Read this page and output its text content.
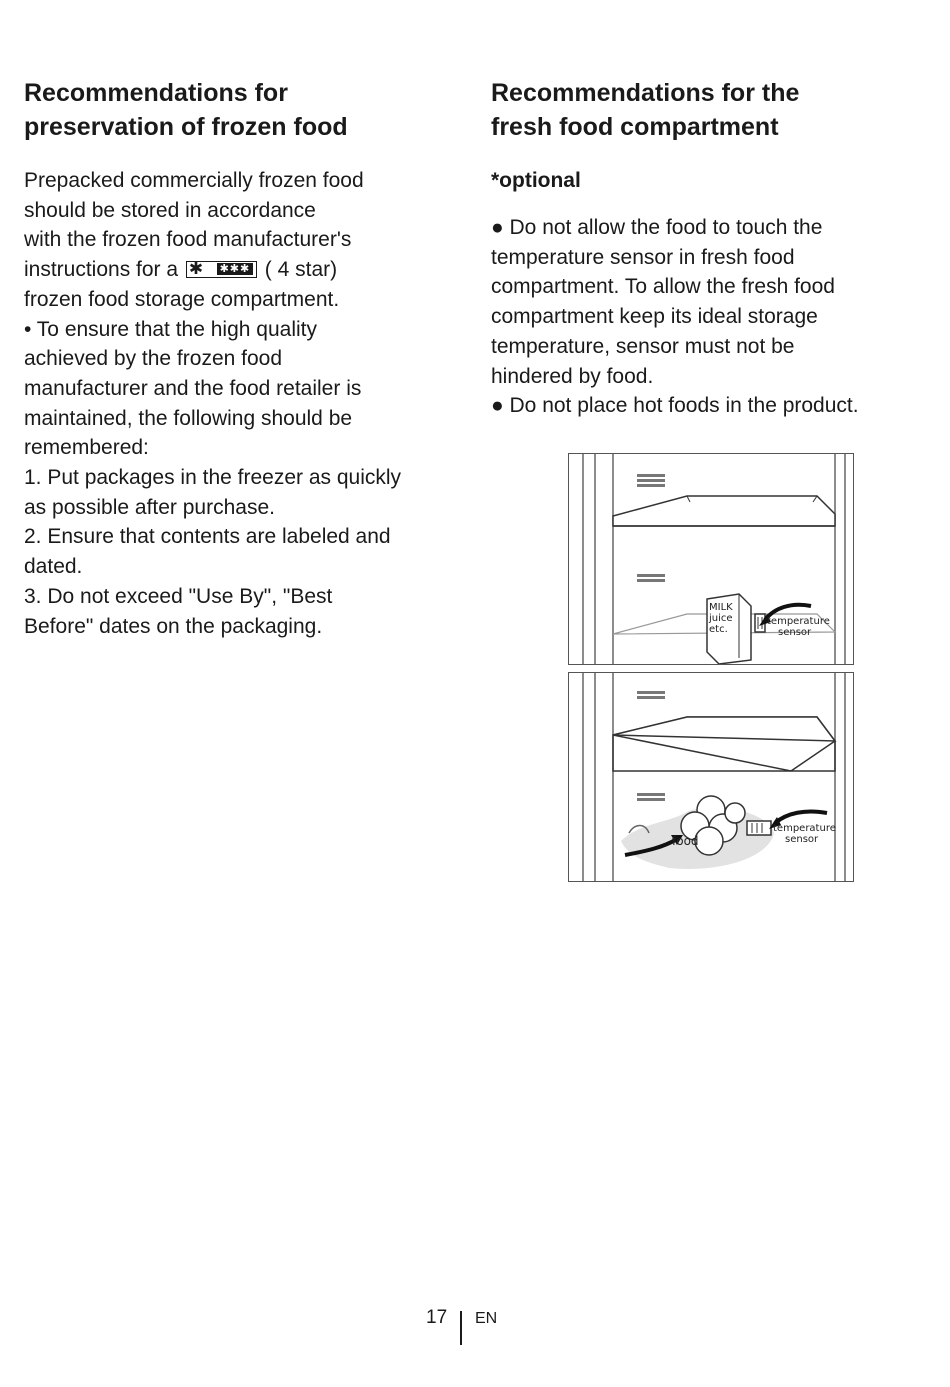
Recommendations for
preservation of frozen food
Prepacked commercially frozen food
should be stored in accordance
with the frozen food manufacturer's
instructions for a ✱ ✱✱✱ ( 4 star)
frozen food storage compartment.
• To ensure that the high quality
achieved by the frozen food
manufacturer and the food retailer is
maintained, the following should be
remembered:
1. Put packages in the freezer as quickly
as possible after purchase.
2. Ensure that contents are labeled and
dated.
3. Do not exceed "Use By", "Best
Before" dates on the packaging.
Recommendations for the
fresh food compartment
*optional
● Do not allow the food to touch the
temperature sensor in fresh food
compartment. To allow the fresh food
compartment keep its ideal storage
temperature, sensor must not be
hindered by food.
● Do not place hot foods in the product.
MILK
juice
etc.
temperature
sensor
food
temperature
sensor
17 EN
